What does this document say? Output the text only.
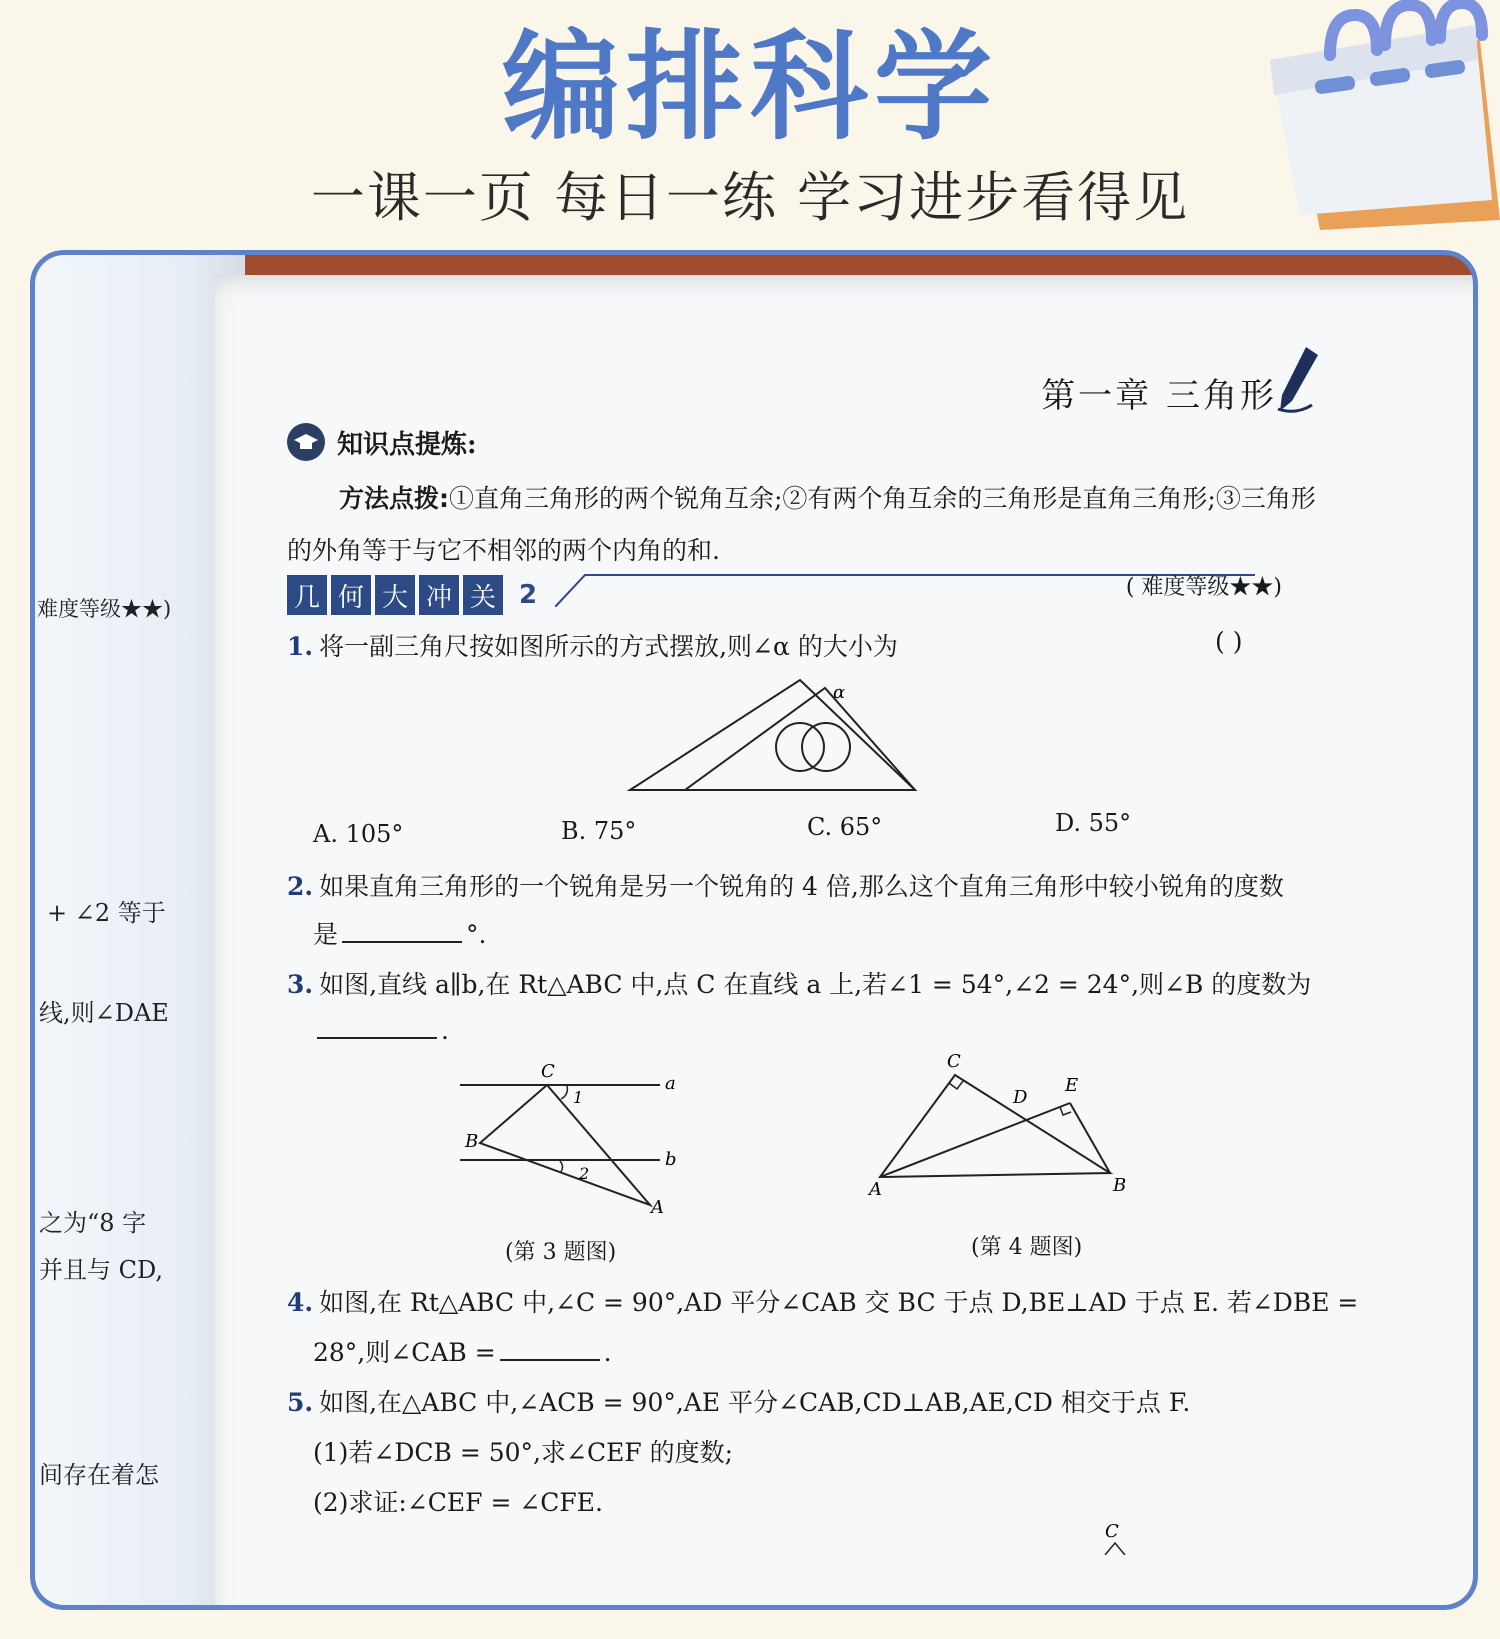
编排科学

一课一页 每日一练 学习进步看得见

难度等级★★)
+ ∠2 等于
线,则∠DAE
之为“8 字
并且与 CD,
间存在着怎
第一章 三角形
知识点提炼:
方法点拨:①直角三角形的两个锐角互余;②有两个角互余的三角形是直角三角形;③三角形的外角等于与它不相邻的两个内角的和.
几 何 大 冲 关 2	( 难度等级★★)
1. 将一副三角尺按如图所示的方式摆放,则∠α 的大小为	( )
α
A. 105°	B. 75°	C. 65°	D. 55°
2. 如果直角三角形的一个锐角是另一个锐角的 4 倍,那么这个直角三角形中较小锐角的度数
是	°.
3. 如图,直线 a∥b,在 Rt△ABC 中,点 C 在直线 a 上,若∠1 = 54°,∠2 = 24°,则∠B 的度数为
.
C
1
a
B
b
2
A
(第 3 题图)
C
D
E
A	B
(第 4 题图)
4. 如图,在 Rt△ABC 中,∠C = 90°,AD 平分∠CAB 交 BC 于点 D,BE⊥AD 于点 E. 若∠DBE =
28°,则∠CAB =	.
5. 如图,在△ABC 中,∠ACB = 90°,AE 平分∠CAB,CD⊥AB,AE,CD 相交于点 F.
(1)若∠DCB = 50°,求∠CEF 的度数;
(2)求证:∠CEF = ∠CFE.
C
